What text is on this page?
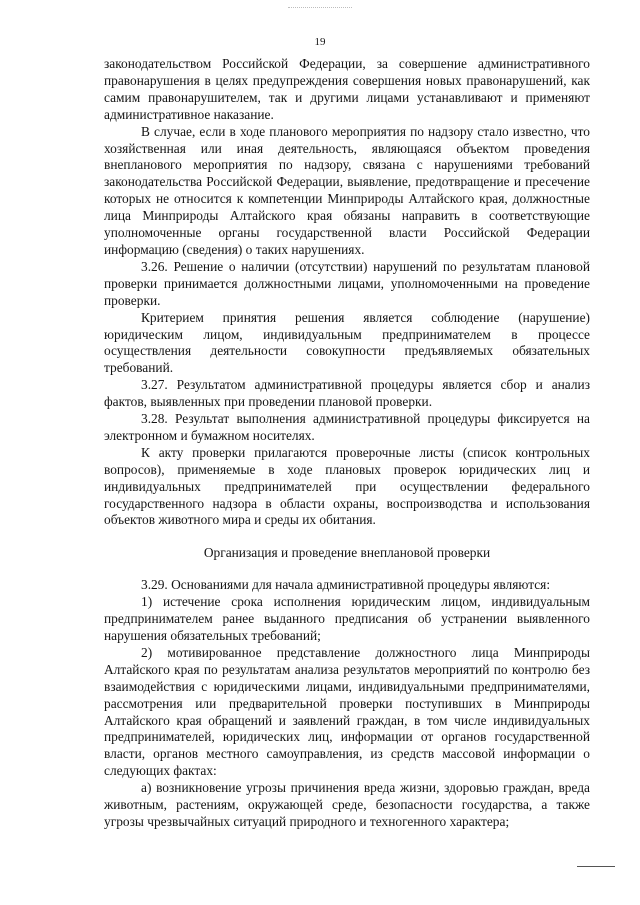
19

законодательством Российской Федерации, за совершение административного правонарушения в целях предупреждения совершения новых правонарушений, как самим правонарушителем, так и другими лицами устанавливают и применяют административное наказание.

В случае, если в ходе планового мероприятия по надзору стало известно, что хозяйственная или иная деятельность, являющаяся объектом проведения внепланового мероприятия по надзору, связана с нарушениями требований законодательства Российской Федерации, выявление, предотвращение и пресечение которых не относится к компетенции Минприроды Алтайского края, должностные лица Минприроды Алтайского края обязаны направить в соответствующие уполномоченные органы государственной власти Российской Федерации информацию (сведения) о таких нарушениях.

3.26. Решение о наличии (отсутствии) нарушений по результатам плановой проверки принимается должностными лицами, уполномоченными на проведение проверки.

Критерием принятия решения является соблюдение (нарушение) юридическим лицом, индивидуальным предпринимателем в процессе осуществления деятельности совокупности предъявляемых обязательных требований.

3.27. Результатом административной процедуры является сбор и анализ фактов, выявленных при проведении плановой проверки.

3.28. Результат выполнения административной процедуры фиксируется на электронном и бумажном носителях.

К акту проверки прилагаются проверочные листы (список контрольных вопросов), применяемые в ходе плановых проверок юридических лиц и индивидуальных предпринимателей при осуществлении федерального государственного надзора в области охраны, воспроизводства и использования объектов животного мира и среды их обитания.

Организация и проведение внеплановой проверки

3.29. Основаниями для начала административной процедуры являются:

1) истечение срока исполнения юридическим лицом, индивидуальным предпринимателем ранее выданного предписания об устранении выявленного нарушения обязательных требований;

2) мотивированное представление должностного лица Минприроды Алтайского края по результатам анализа результатов мероприятий по контролю без взаимодействия с юридическими лицами, индивидуальными предпринимателями, рассмотрения или предварительной проверки поступивших в Минприроды Алтайского края обращений и заявлений граждан, в том числе индивидуальных предпринимателей, юридических лиц, информации от органов государственной власти, органов местного самоуправления, из средств массовой информации о следующих фактах:

а) возникновение угрозы причинения вреда жизни, здоровью граждан, вреда животным, растениям, окружающей среде, безопасности государства, а также угрозы чрезвычайных ситуаций природного и техногенного характера;
